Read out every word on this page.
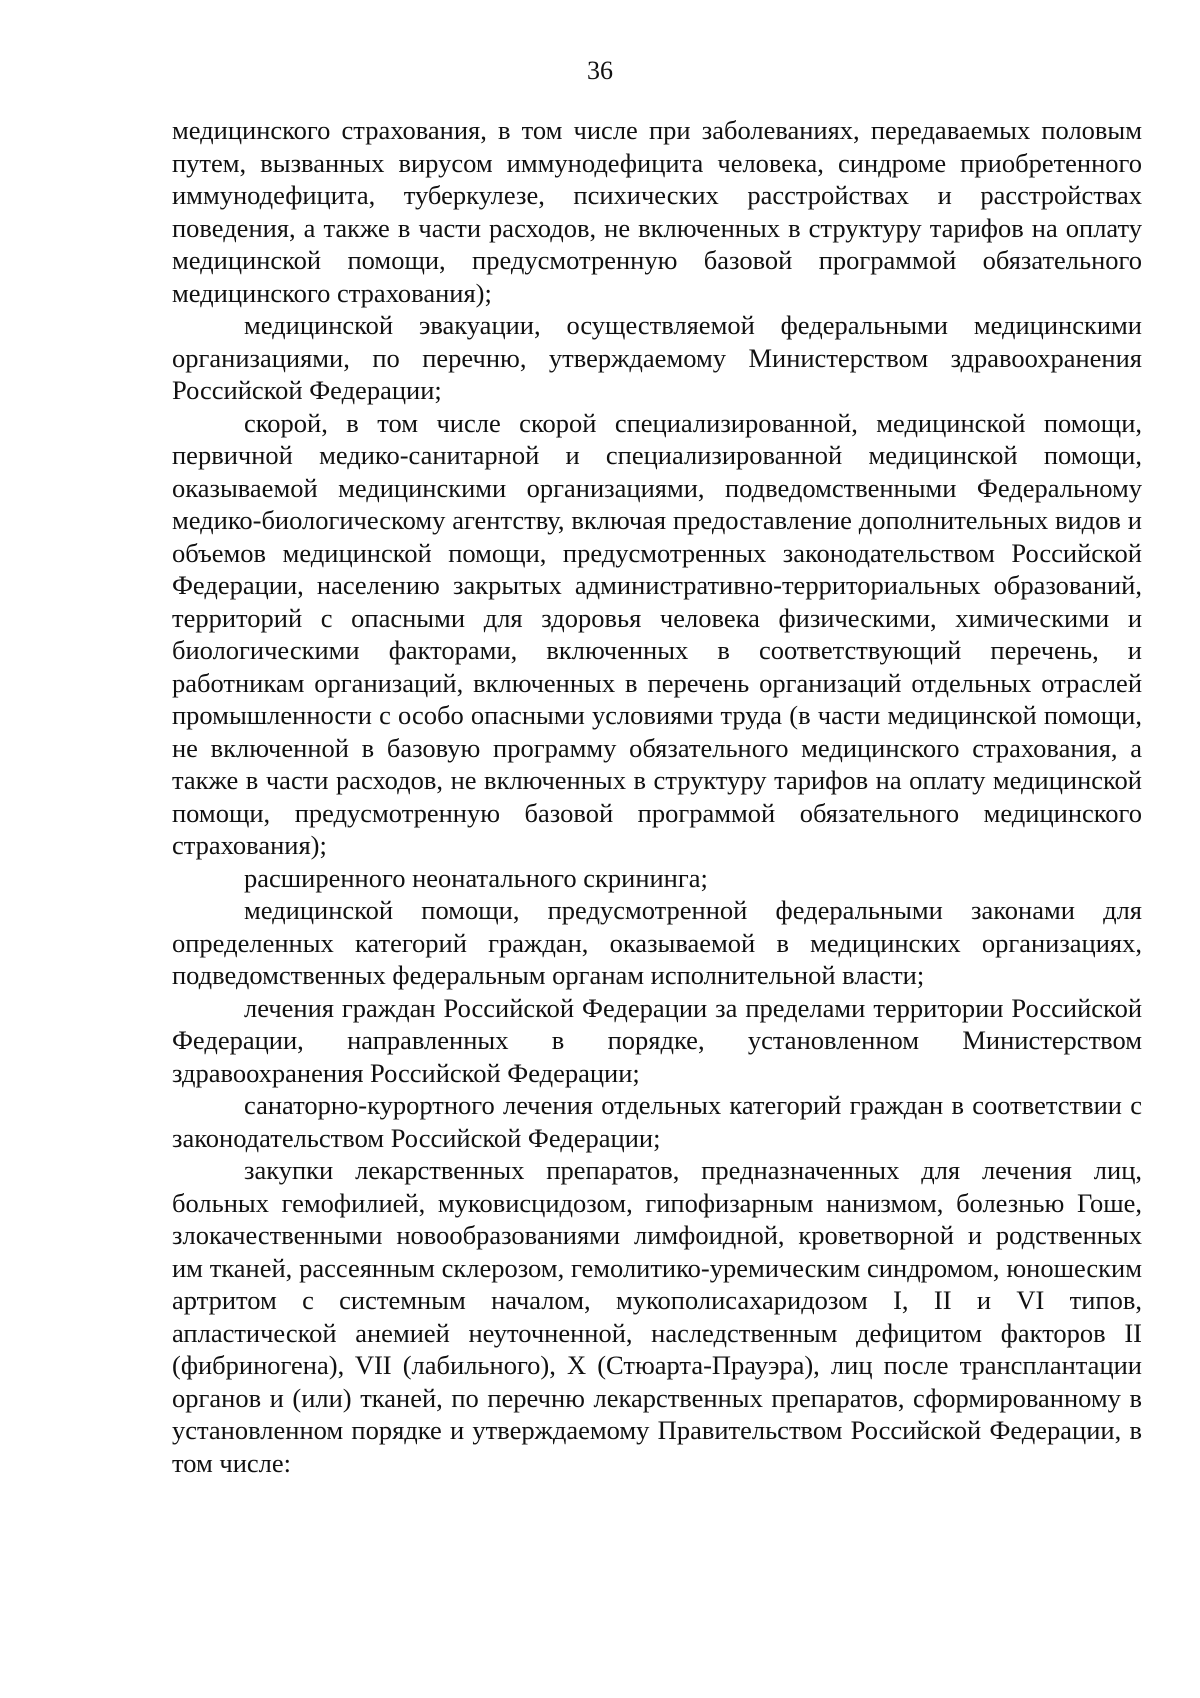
36

медицинского страхования, в том числе при заболеваниях, передаваемых половым путем, вызванных вирусом иммунодефицита человека, синдроме приобретенного иммунодефицита, туберкулезе, психических расстройствах и расстройствах поведения, а также в части расходов, не включенных в структуру тарифов на оплату медицинской помощи, предусмотренную базовой программой обязательного медицинского страхования);

медицинской эвакуации, осуществляемой федеральными медицинскими организациями, по перечню, утверждаемому Министерством здравоохранения Российской Федерации;

скорой, в том числе скорой специализированной, медицинской помощи, первичной медико-санитарной и специализированной медицинской помощи, оказываемой медицинскими организациями, подведомственными Федеральному медико-биологическому агентству, включая предоставление дополнительных видов и объемов медицинской помощи, предусмотренных законодательством Российской Федерации, населению закрытых административно-территориальных образований, территорий с опасными для здоровья человека физическими, химическими и биологическими факторами, включенных в соответствующий перечень, и работникам организаций, включенных в перечень организаций отдельных отраслей промышленности с особо опасными условиями труда (в части медицинской помощи, не включенной в базовую программу обязательного медицинского страхования, а также в части расходов, не включенных в структуру тарифов на оплату медицинской помощи, предусмотренную базовой программой обязательного медицинского страхования);

расширенного неонатального скрининга;

медицинской помощи, предусмотренной федеральными законами для определенных категорий граждан, оказываемой в медицинских организациях, подведомственных федеральным органам исполнительной власти;

лечения граждан Российской Федерации за пределами территории Российской Федерации, направленных в порядке, установленном Министерством здравоохранения Российской Федерации;

санаторно-курортного лечения отдельных категорий граждан в соответствии с законодательством Российской Федерации;

закупки лекарственных препаратов, предназначенных для лечения лиц, больных гемофилией, муковисцидозом, гипофизарным нанизмом, болезнью Гоше, злокачественными новообразованиями лимфоидной, кроветворной и родственных им тканей, рассеянным склерозом, гемолитико-уремическим синдромом, юношеским артритом с системным началом, мукополисахаридозом I, II и VI типов, апластической анемией неуточненной, наследственным дефицитом факторов II (фибриногена), VII (лабильного), X (Стюарта-Прауэра), лиц после трансплантации органов и (или) тканей, по перечню лекарственных препаратов, сформированному в установленном порядке и утверждаемому Правительством Российской Федерации, в том числе:
